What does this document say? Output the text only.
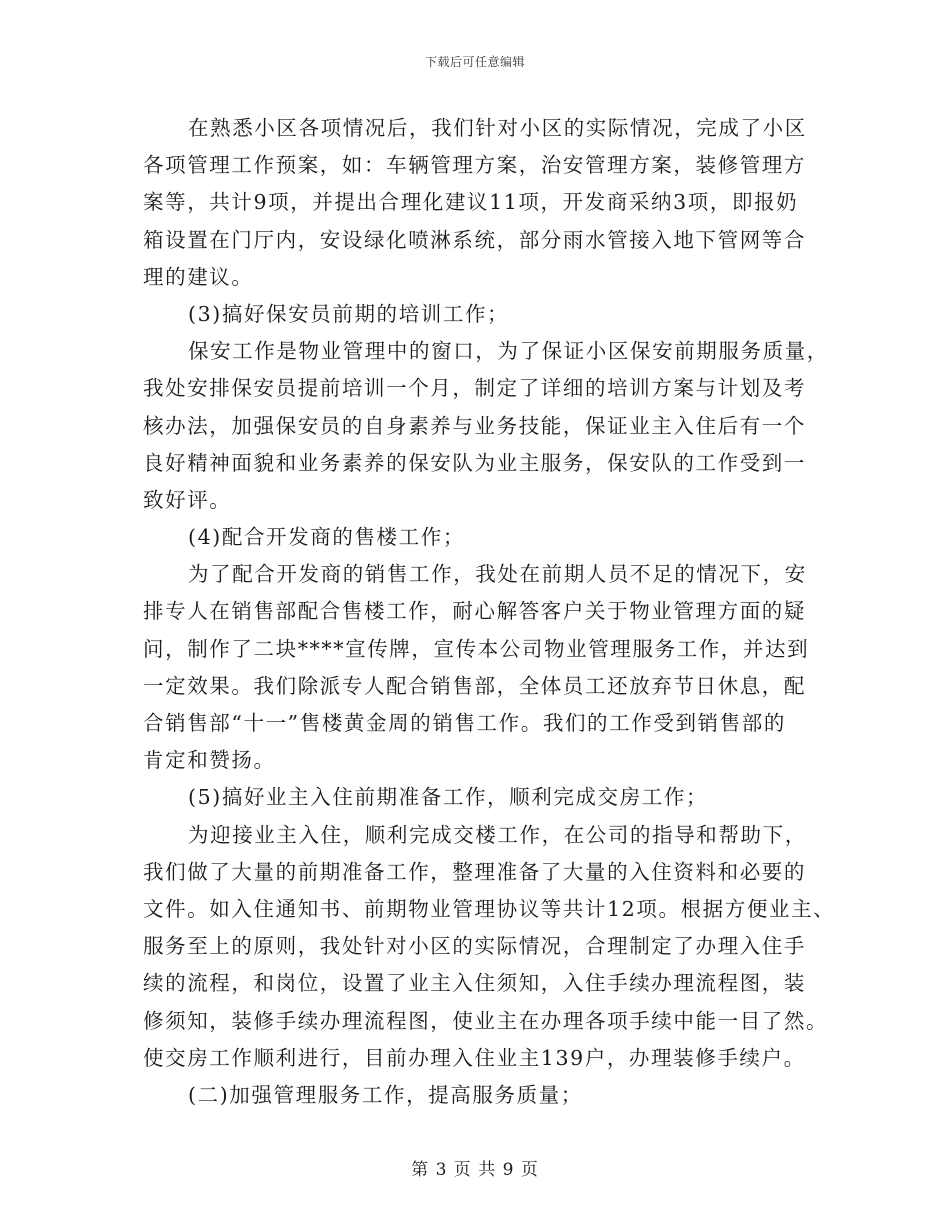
下载后可任意编辑
在熟悉小区各项情况后，我们针对小区的实际情况，完成了小区
各项管理工作预案，如：车辆管理方案，治安管理方案，装修管理方
案等，共计9项，并提出合理化建议11项，开发商采纳3项，即报奶
箱设置在门厅内，安设绿化喷淋系统，部分雨水管接入地下管网等合
理的建议。
(3)搞好保安员前期的培训工作；
保安工作是物业管理中的窗口，为了保证小区保安前期服务质量，
我处安排保安员提前培训一个月，制定了详细的培训方案与计划及考
核办法，加强保安员的自身素养与业务技能，保证业主入住后有一个
良好精神面貌和业务素养的保安队为业主服务，保安队的工作受到一
致好评。
(4)配合开发商的售楼工作；
为了配合开发商的销售工作，我处在前期人员不足的情况下，安
排专人在销售部配合售楼工作，耐心解答客户关于物业管理方面的疑
问，制作了二块****宣传牌，宣传本公司物业管理服务工作，并达到
一定效果。我们除派专人配合销售部，全体员工还放弃节日休息，配
合销售部“十一”售楼黄金周的销售工作。我们的工作受到销售部的
肯定和赞扬。
(5)搞好业主入住前期准备工作，顺利完成交房工作；
为迎接业主入住，顺利完成交楼工作，在公司的指导和帮助下，
我们做了大量的前期准备工作，整理准备了大量的入住资料和必要的
文件。如入住通知书、前期物业管理协议等共计12项。根据方便业主、
服务至上的原则，我处针对小区的实际情况，合理制定了办理入住手
续的流程，和岗位，设置了业主入住须知，入住手续办理流程图，装
修须知，装修手续办理流程图，使业主在办理各项手续中能一目了然。
使交房工作顺利进行，目前办理入住业主139户，办理装修手续户。
(二)加强管理服务工作，提高服务质量；
第 3 页 共 9 页
